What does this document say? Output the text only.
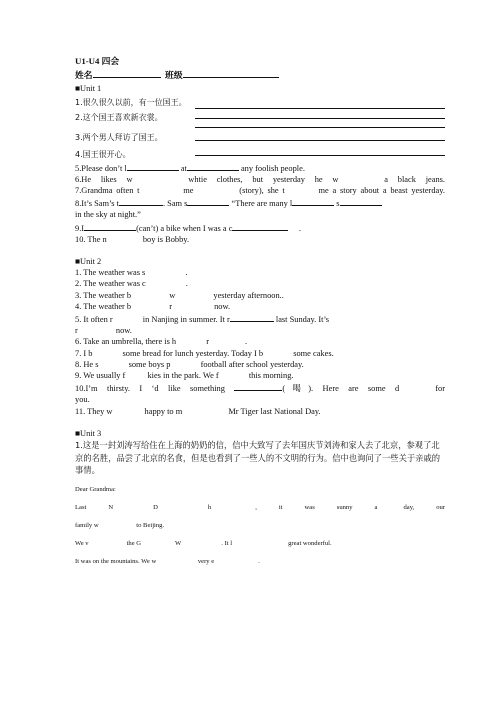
U1-U4 四会
姓名	班级
■Unit 1
1.很久很久以前，有一位国王。
2.这个国王喜欢新衣裳。
3.两个男人拜访了国王。
4.国王很开心。
5.Please don’t l	at	any foolish people.
6.He likes w	whtie clothes, but yesterday he w	a black jeans.
7.Grandma often t	me	(story), she t	me a story about a beast yesterday.
8.It’s Sam’s t	. Sam s	“There are many l	s
in the sky at night.”
9.I	(can’t) a bike when I was a c	.
10. The n	boy is Bobby.
■Unit 2
1. The weather was s	.
2. The weather was c	.
3. The weather b	w	yesterday afternoon..
4. The weather b	r	now.
5. It often r	in Nanjing in summer. It r	last Sunday. It’s
r	now.
6. Take an umbrella, there is h	r	.
7. I b	some bread for lunch yesterday. Today I b	some cakes.
8. He s	some boys p	football after school yesterday.
9. We usually f kies in the park. We f	this morning.
10.I’m thirsty. I ‘d like something	(喝). Here are some d	for
you.
11. They w	happy to m	Mr Tiger last National Day.
■Unit 3
1.这是一封刘涛写给住在上海的奶奶的信，信中大致写了去年国庆节刘涛和家人去了北京，参观了北京的名胜，品尝了北京的名食，但是也看到了一些人的不文明的行为。信中也询问了一些关于亲戚的事情。
Dear Grandma:
Last N	D	h	, it was sunny a	day, our
family w	to Beijing.
We v	the G	W	. It l	great wonderful.
It was on the mountains. We w	very e	.
